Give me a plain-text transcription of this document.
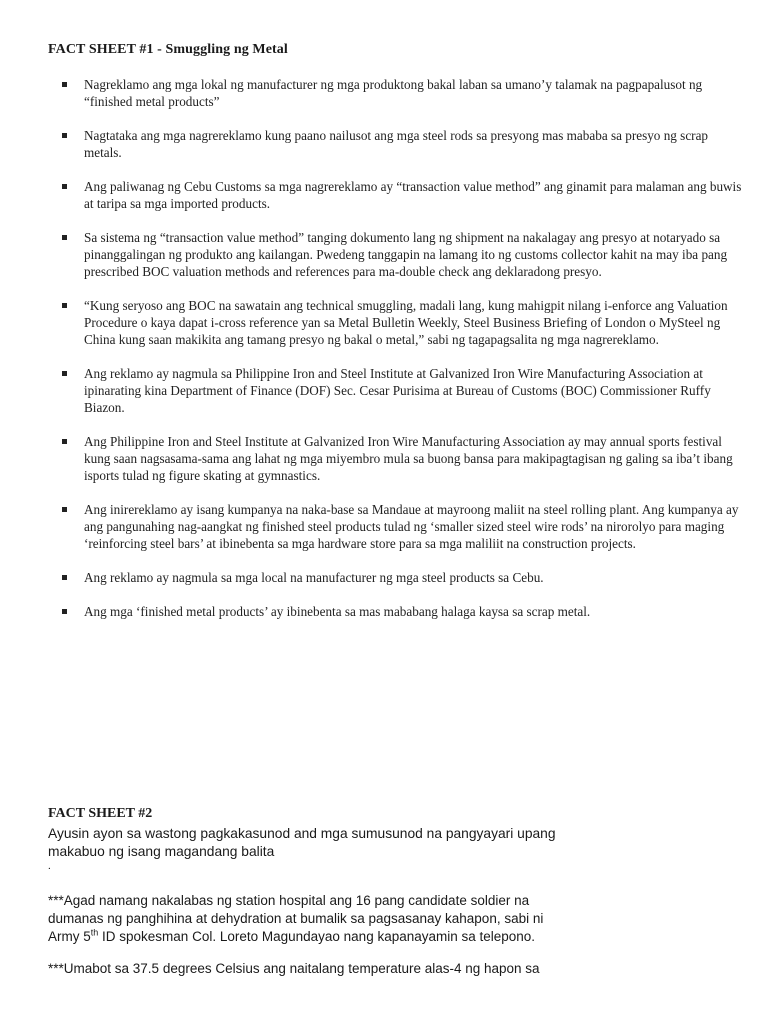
FACT SHEET #1 - Smuggling ng Metal
Nagreklamo ang mga lokal ng manufacturer ng mga produktong bakal laban sa umano’y talamak na pagpapalusot ng “finished metal products”
Nagtataka ang mga nagrereklamo kung paano nailusot ang mga steel rods sa presyong mas mababa sa presyo ng scrap metals.
Ang paliwanag ng Cebu Customs sa mga nagrereklamo ay “transaction value method” ang ginamit para malaman ang buwis at taripa sa mga imported products.
Sa sistema ng “transaction value method” tanging dokumento lang ng shipment na nakalagay ang presyo at notaryado sa pinanggalingan ng produkto ang kailangan. Pwedeng tanggapin na lamang ito ng customs collector kahit na may iba pang prescribed BOC valuation methods and references para ma-double check ang deklaradong presyo.
“Kung seryoso ang BOC na sawatain ang technical smuggling, madali lang, kung mahigpit nilang i-enforce ang Valuation Procedure o kaya dapat i-cross reference yan sa Metal Bulletin Weekly, Steel Business Briefing of London o MySteel ng China kung saan makikita ang tamang presyo ng bakal o metal,” sabi ng tagapagsalita ng mga nagrereklamo.
Ang reklamo ay nagmula sa Philippine Iron and Steel Institute at Galvanized Iron Wire Manufacturing Association at ipinarating kina Department of Finance (DOF) Sec. Cesar Purisima at Bureau of Customs (BOC) Commissioner Ruffy Biazon.
Ang Philippine Iron and Steel Institute at Galvanized Iron Wire Manufacturing Association ay may annual sports festival kung saan nagsasama-sama ang lahat ng mga miyembro mula sa buong bansa para makipagtagisan ng galing sa iba’t ibang isports tulad ng figure skating at gymnastics.
Ang inirereklamo ay isang kumpanya na naka-base sa Mandaue at mayroong maliit na steel rolling plant. Ang kumpanya ay ang pangunahing nag-aangkat ng finished steel products tulad ng ‘smaller sized steel wire rods’ na nirorolyo para maging ‘reinforcing steel bars’ at ibinebenta sa mga hardware store para sa mga maliliit na construction projects.
Ang reklamo ay nagmula sa mga local na manufacturer ng mga steel products sa Cebu.
Ang mga ‘finished metal products’ ay ibinebenta sa mas mababang halaga kaysa sa scrap metal.
FACT SHEET #2
Ayusin ayon sa wastong pagkakasunod and mga sumusunod na pangyayari upang makabuo ng isang magandang balita
.
***Agad namang nakalabas ng station hospital ang 16 pang candidate soldier na dumanas ng panghihina at dehydration at bumalik sa pagsasanay kahapon, sabi ni Army 5th ID spokesman Col. Loreto Magundayao nang kapanayamin sa telepono.
***Umabot sa 37.5 degrees Celsius ang naitalang temperature alas-4 ng hapon sa
